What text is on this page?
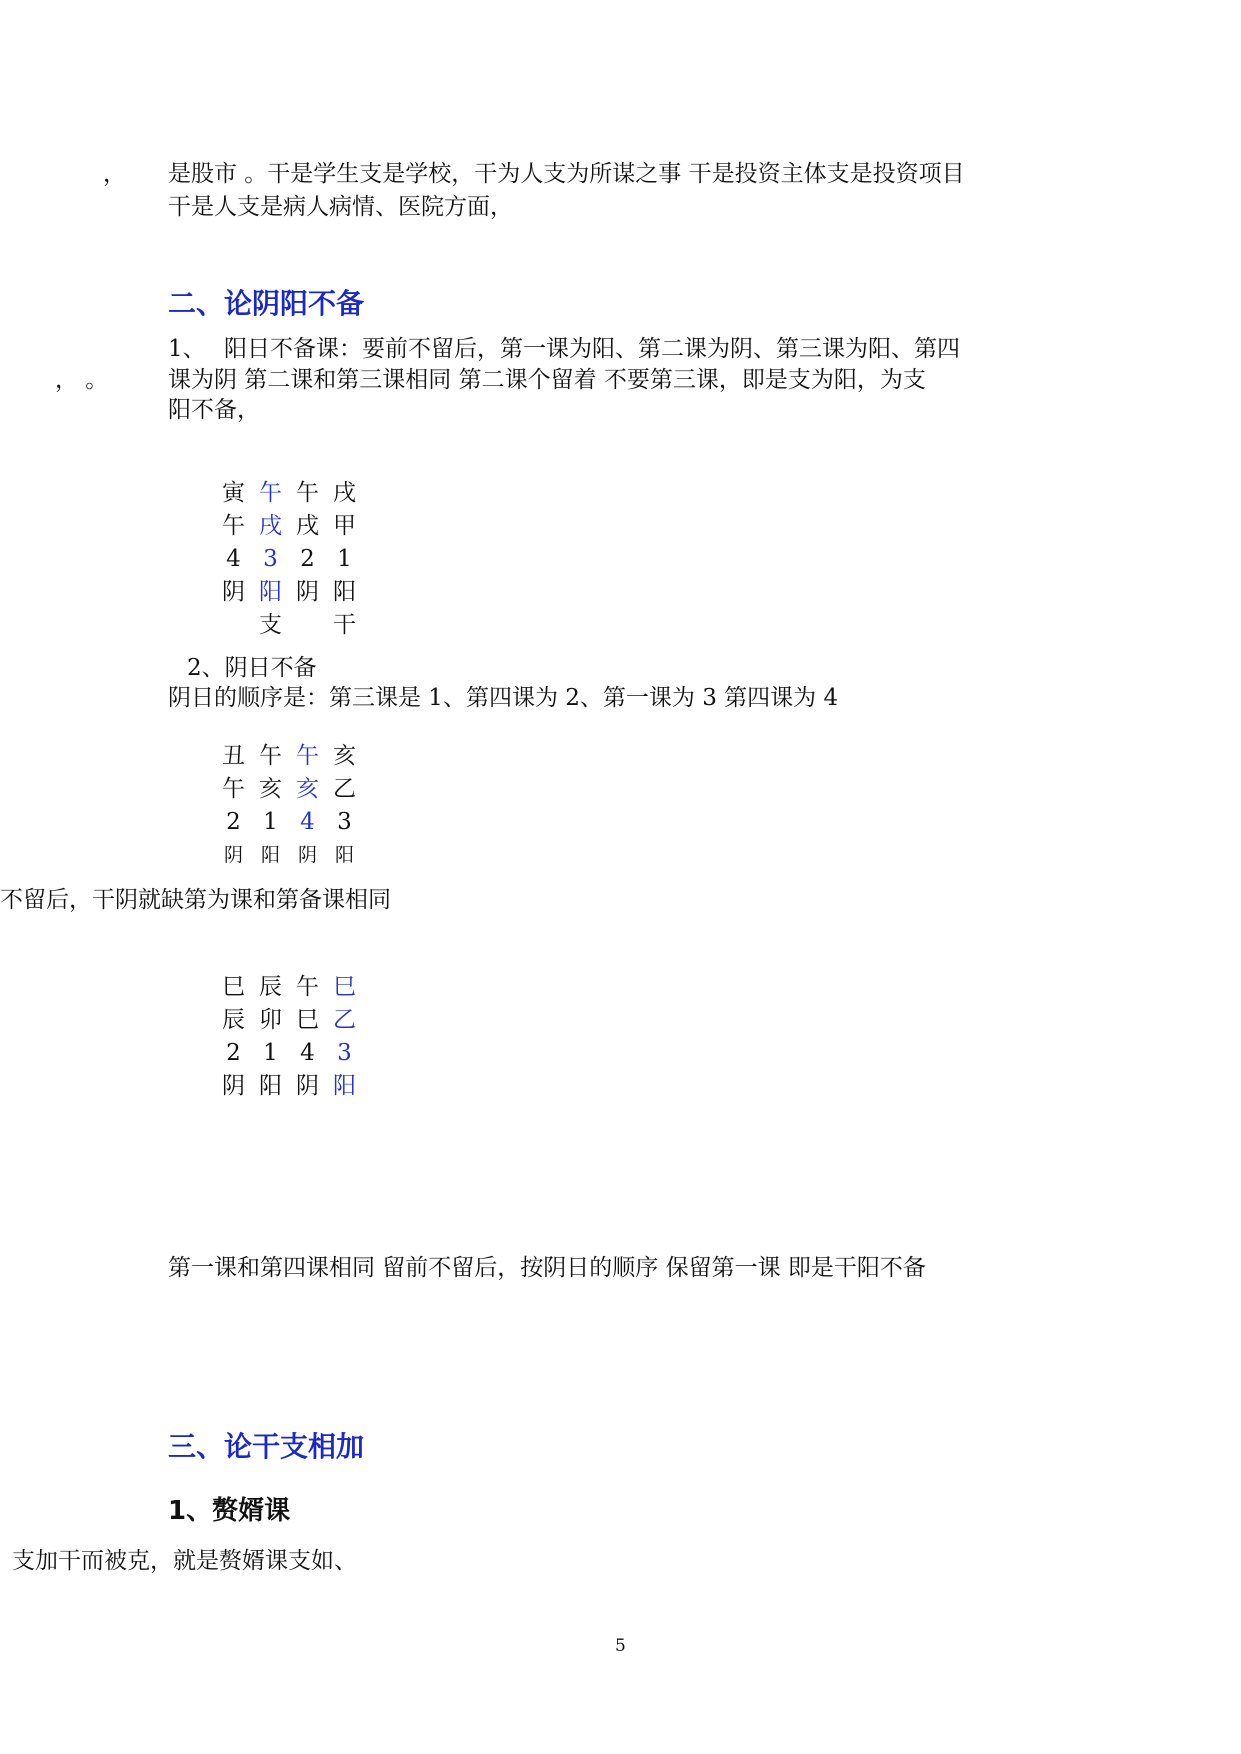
， 是股市 。干是学生支是学校，干为人支为所谋之事 干是投资主体支是投资项目
干是人支是病人病情、医院方面，
二、论阴阳不备
1、 阳日不备课：要前不留后，第一课为阳、第二课为阴、第三课为阳、第四
， 。	课为阴 第二课和第三课相同 第二课个留着 不要第三课，即是支为阳，为支
阳不备，
寅 午 午 戌
午 戌 戌 甲
4 3 2 1
阴 阳 阴 阳
支	干
2、阴日不备
阴日的顺序是：第三课是 1、第四课为 2、第一课为 3 第四课为 4
丑 午 午 亥
午 亥 亥 乙
2 1 4 3
阴 阳 阴 阳
不留后，干阴就缺第为课和第备课相同
巳 辰 午 巳
辰 卯 巳 乙
2 1 4 3
阴 阳 阴 阳
第一课和第四课相同 留前不留后，按阴日的顺序 保留第一课 即是干阳不备
三、论干支相加
1、赘婿课
支加干而被克，就是赘婿课支如、
5
